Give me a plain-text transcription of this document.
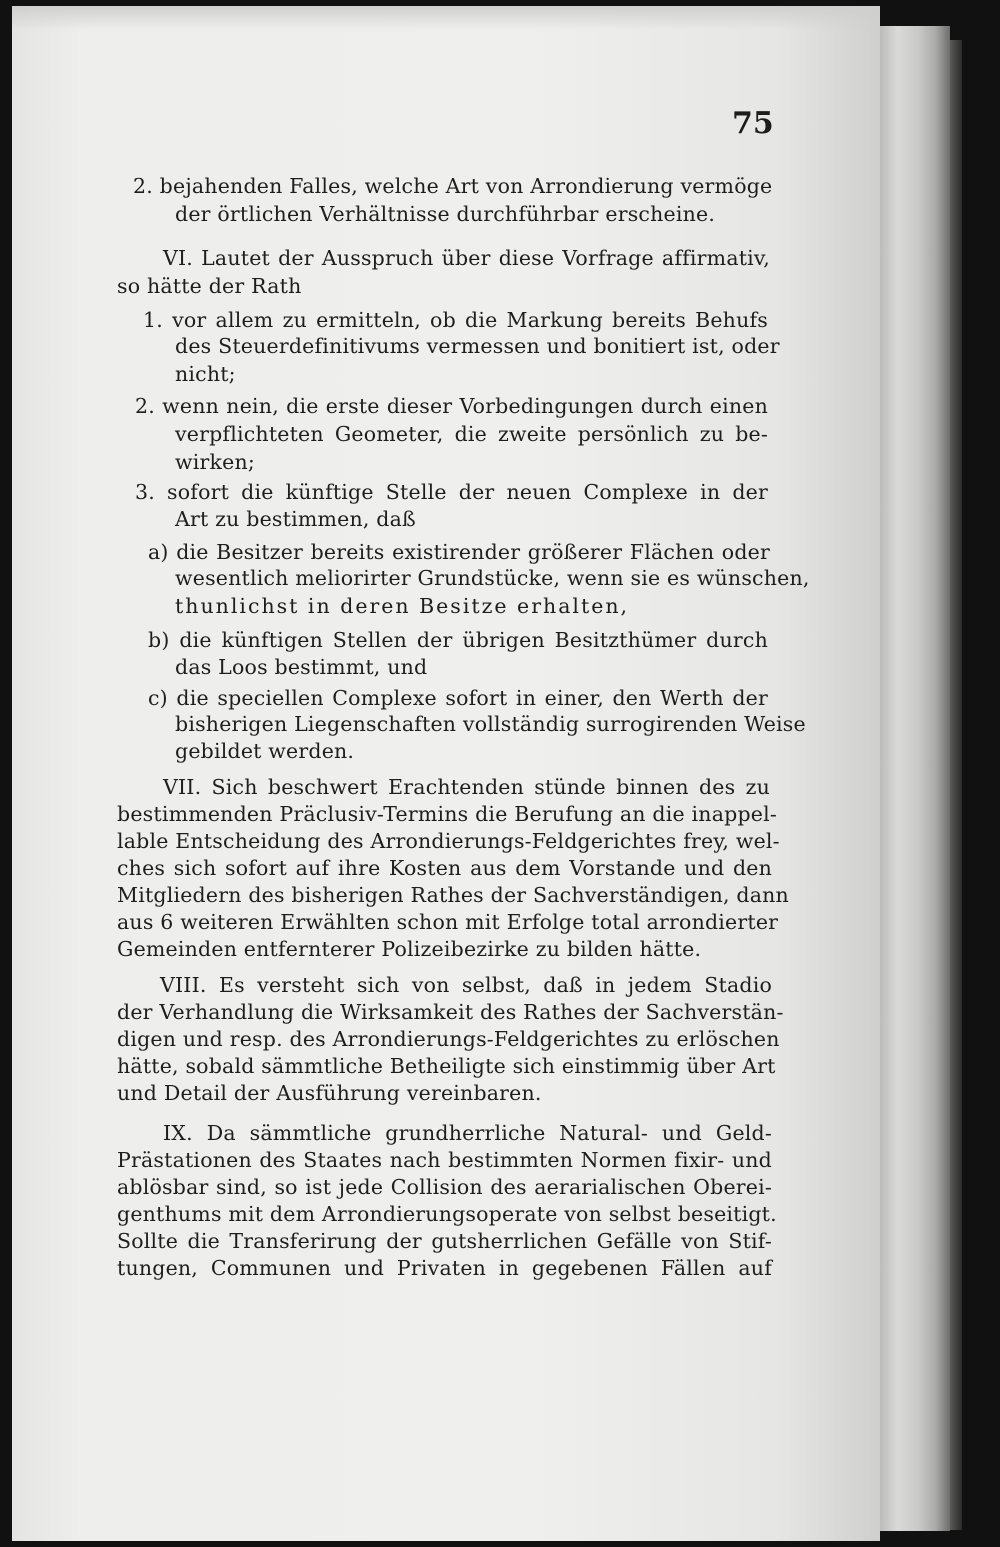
75
2. bejahenden Falles, welche Art von Arrondierung vermöge
der örtlichen Verhältnisse durchführbar erscheine.
VI. Lautet der Ausspruch über diese Vorfrage affirmativ,
so hätte der Rath
1. vor allem zu ermitteln, ob die Markung bereits Behufs
des Steuerdefinitivums vermessen und bonitiert ist, oder
nicht;
2. wenn nein, die erste dieser Vorbedingungen durch einen
verpflichteten Geometer, die zweite persönlich zu be-
wirken;
3. sofort die künftige Stelle der neuen Complexe in der
Art zu bestimmen, daß
a) die Besitzer bereits existirender größerer Flächen oder
wesentlich meliorirter Grundstücke, wenn sie es wünschen,
thunlichst in deren Besitze erhalten,
b) die künftigen Stellen der übrigen Besitzthümer durch
das Loos bestimmt, und
c) die speciellen Complexe sofort in einer, den Werth der
bisherigen Liegenschaften vollständig surrogirenden Weise
gebildet werden.
VII. Sich beschwert Erachtenden stünde binnen des zu
bestimmenden Präclusiv-Termins die Berufung an die inappel-
lable Entscheidung des Arrondierungs-Feldgerichtes frey, wel-
ches sich sofort auf ihre Kosten aus dem Vorstande und den
Mitgliedern des bisherigen Rathes der Sachverständigen, dann
aus 6 weiteren Erwählten schon mit Erfolge total arrondierter
Gemeinden entfernterer Polizeibezirke zu bilden hätte.
VIII. Es versteht sich von selbst, daß in jedem Stadio
der Verhandlung die Wirksamkeit des Rathes der Sachverstän-
digen und resp. des Arrondierungs-Feldgerichtes zu erlöschen
hätte, sobald sämmtliche Betheiligte sich einstimmig über Art
und Detail der Ausführung vereinbaren.
IX. Da sämmtliche grundherrliche Natural- und Geld-
Prästationen des Staates nach bestimmten Normen fixir- und
ablösbar sind, so ist jede Collision des aerarialischen Oberei-
genthums mit dem Arrondierungsoperate von selbst beseitigt.
Sollte die Transferirung der gutsherrlichen Gefälle von Stif-
tungen, Communen und Privaten in gegebenen Fällen auf
